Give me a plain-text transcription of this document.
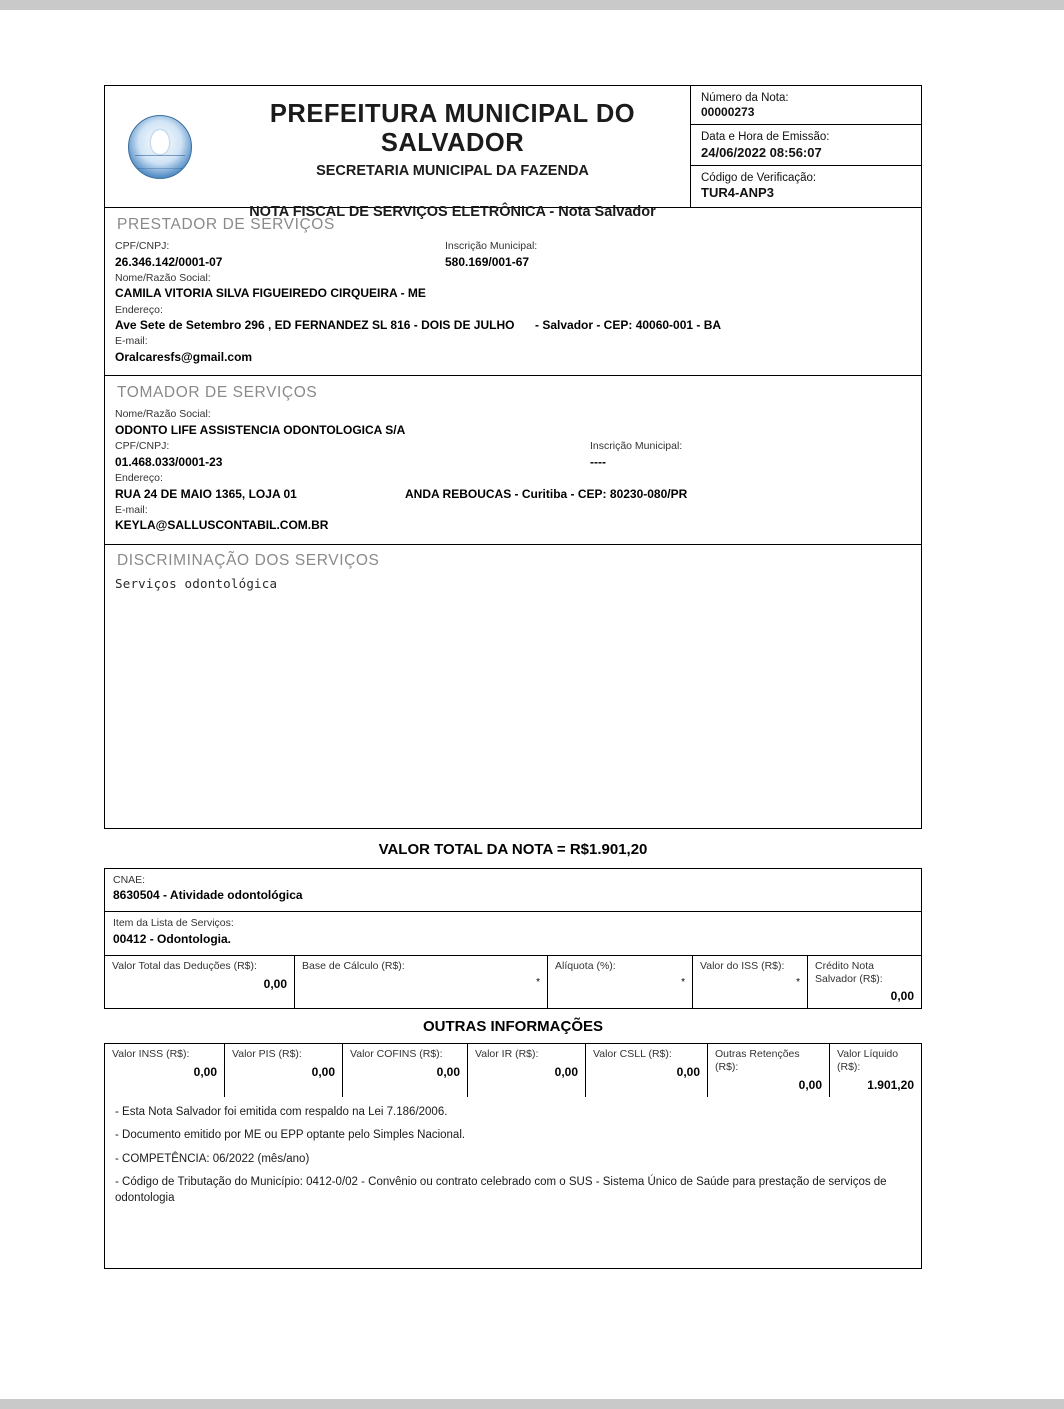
PREFEITURA MUNICIPAL DO SALVADOR
SECRETARIA MUNICIPAL DA FAZENDA
NOTA FISCAL DE SERVIÇOS ELETRÔNICA - Nota Salvador
Número da Nota:
00000273
Data e Hora de Emissão:
24/06/2022 08:56:07
Código de Verificação:
TUR4-ANP3
PRESTADOR DE SERVIÇOS
CPF/CNPJ:
26.346.142/0001-07
Inscrição Municipal:
580.169/001-67
Nome/Razão Social:
CAMILA VITORIA SILVA FIGUEIREDO CIRQUEIRA - ME
Endereço:
Ave Sete de Setembro 296 , ED FERNANDEZ SL 816 - DOIS DE JULHO	- Salvador - CEP: 40060-001 - BA
E-mail:
Oralcaresfs@gmail.com
TOMADOR DE SERVIÇOS
Nome/Razão Social:
ODONTO LIFE ASSISTENCIA ODONTOLOGICA S/A
CPF/CNPJ:
01.468.033/0001-23
Inscrição Municipal:
----
Endereço:
RUA 24 DE MAIO 1365, LOJA 01	ANDA REBOUCAS - Curitiba - CEP: 80230-080/PR
E-mail:
KEYLA@SALLUSCONTABIL.COM.BR
DISCRIMINAÇÃO DOS SERVIÇOS
Serviços odontológica
VALOR TOTAL DA NOTA = R$1.901,20
CNAE:
8630504 - Atividade odontológica
Item da Lista de Serviços:
00412 - Odontologia.
Valor Total das Deduções (R$):
0,00
Base de Cálculo (R$):
*
Alíquota (%):
*
Valor do ISS (R$):
*
Crédito Nota Salvador (R$):
0,00
OUTRAS INFORMAÇÕES
Valor INSS (R$):
0,00
Valor PIS (R$):
0,00
Valor COFINS (R$):
0,00
Valor IR (R$):
0,00
Valor CSLL (R$):
0,00
Outras Retenções (R$):
0,00
Valor Líquido (R$):
1.901,20

- Esta Nota Salvador foi emitida com respaldo na Lei 7.186/2006.

- Documento emitido por ME ou EPP optante pelo Simples Nacional.

- COMPETÊNCIA: 06/2022 (mês/ano)

- Código de Tributação do Município: 0412-0/02 - Convênio ou contrato celebrado com o SUS - Sistema Único de Saúde para prestação de serviços de odontologia
